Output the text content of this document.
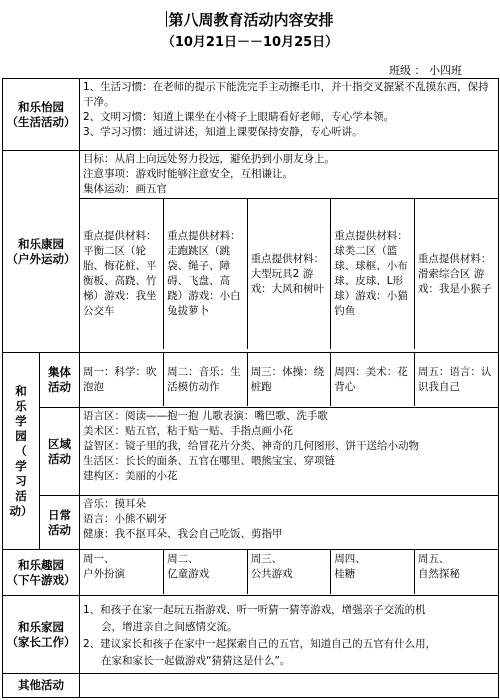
第八周教育活动内容安排
（10月21日－－10月25日）
班级 ： 小四班
和乐怡园
（生活活动）

1、生活习惯：在老师的提示下能洗完手主动擦毛巾，并十指交叉握紧不乱摸东西，保持干净。
2、文明习惯：知道上课坐在小椅子上眼睛看好老师，专心学本领。
3、学习习惯：通过讲述，知道上课要保持安静，专心听讲。

和乐康园
（户外运动）

目标：从肩上向远处努力投远，避免扔到小朋友身上。
注意事项：游戏时能够注意安全，互相谦让。
集体运动：画五官
重点提供材料：平衡二区（轮胎、梅花桩、平衡板、高跷、竹梯）游戏：我坐公交车	重点提供材料：走跑跳区（跳袋、绳子、障碍、飞盘、高跷）游戏：小白兔拔萝卜	重点提供材料：大型玩具2 游戏：大风和树叶	重点提供材料：球类二区（篮球、球框、小布球、皮球、L形球）游戏：小猫钓鱼	重点提供材料：滑索综合区 游戏：我是小猴子

和
乐
学
园
（
学
习
活
动）

集体
活动

周一：科学：吹泡泡	周二：音乐：生活模仿动作	周三：体操：绕桩跑	周四：美术：花背心	周五：语言：认识我自己

区域
活动

语言区：阅读——抱一抱 儿歌表演：嘴巴歌、洗手歌
美术区：贴五官，粘于贴一贴、手指点画小花
益智区：镜子里的我，给冒花片分类、神奇的几何图形、饼干送给小动物
生活区：长长的面条、五官在哪里、喂熊宝宝、穿项链
建构区：美丽的小花

日常
活动

音乐：摸耳朵
语言：小熊不刷牙
健康：我不抠耳朵、我会自己吃饭、剪指甲

和乐趣园
（下午游戏）

周一、
户外扮演

周二、
亿童游戏

周三、
公共游戏

周四、
桂糖

周五、
自然探秘

和乐家园
（家长工作）

1、和孩子在家一起玩五指游戏、听一听猜一猜等游戏，增强亲子交流的机
会，增进亲自之间感情交流。
2、建议家长和孩子在家中一起探索自己的五官，知道自己的五官有什么用，
在家和家长一起做游戏“猜猜这是什么”。

其他活动	
